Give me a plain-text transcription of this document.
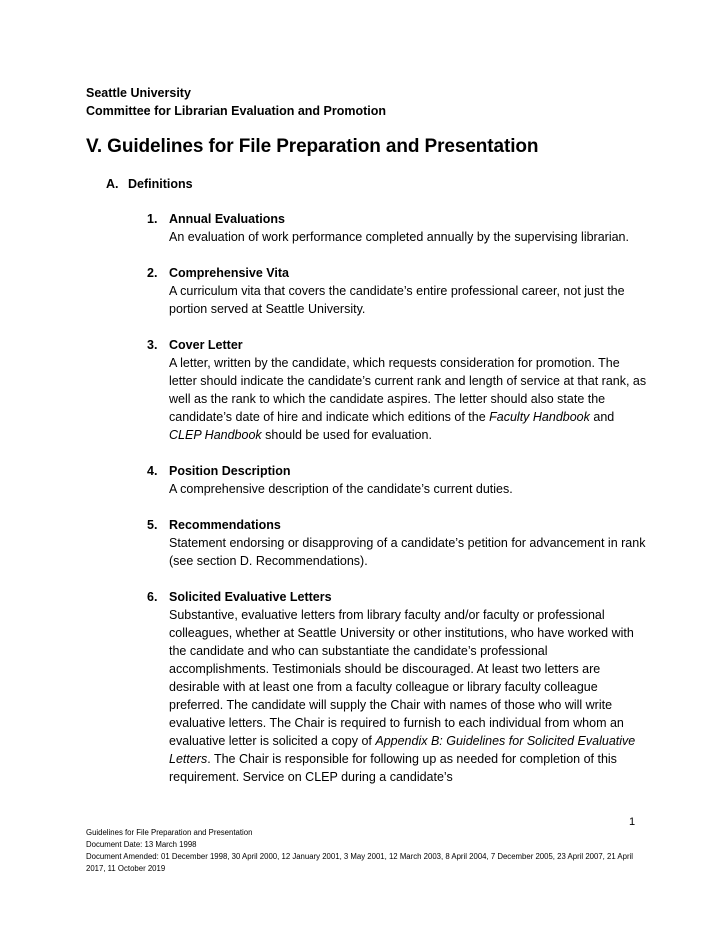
Seattle University
Committee for Librarian Evaluation and Promotion
V. Guidelines for File Preparation and Presentation
A. Definitions
1. Annual Evaluations
An evaluation of work performance completed annually by the supervising librarian.
2. Comprehensive Vita
A curriculum vita that covers the candidate’s entire professional career, not just the portion served at Seattle University.
3. Cover Letter
A letter, written by the candidate, which requests consideration for promotion. The letter should indicate the candidate’s current rank and length of service at that rank, as well as the rank to which the candidate aspires. The letter should also state the candidate’s date of hire and indicate which editions of the Faculty Handbook and CLEP Handbook should be used for evaluation.
4. Position Description
A comprehensive description of the candidate’s current duties.
5. Recommendations
Statement endorsing or disapproving of a candidate’s petition for advancement in rank (see section D. Recommendations).
6. Solicited Evaluative Letters
Substantive, evaluative letters from library faculty and/or faculty or professional colleagues, whether at Seattle University or other institutions, who have worked with the candidate and who can substantiate the candidate’s professional accomplishments. Testimonials should be discouraged. At least two letters are desirable with at least one from a faculty colleague or library faculty colleague preferred. The candidate will supply the Chair with names of those who will write evaluative letters. The Chair is required to furnish to each individual from whom an evaluative letter is solicited a copy of Appendix B: Guidelines for Solicited Evaluative Letters. The Chair is responsible for following up as needed for completion of this requirement. Service on CLEP during a candidate’s
1
Guidelines for File Preparation and Presentation
Document Date: 13 March 1998
Document Amended: 01 December 1998, 30 April 2000, 12 January 2001, 3 May 2001, 12 March 2003, 8 April 2004, 7 December 2005, 23 April 2007, 21 April 2017, 11 October 2019
